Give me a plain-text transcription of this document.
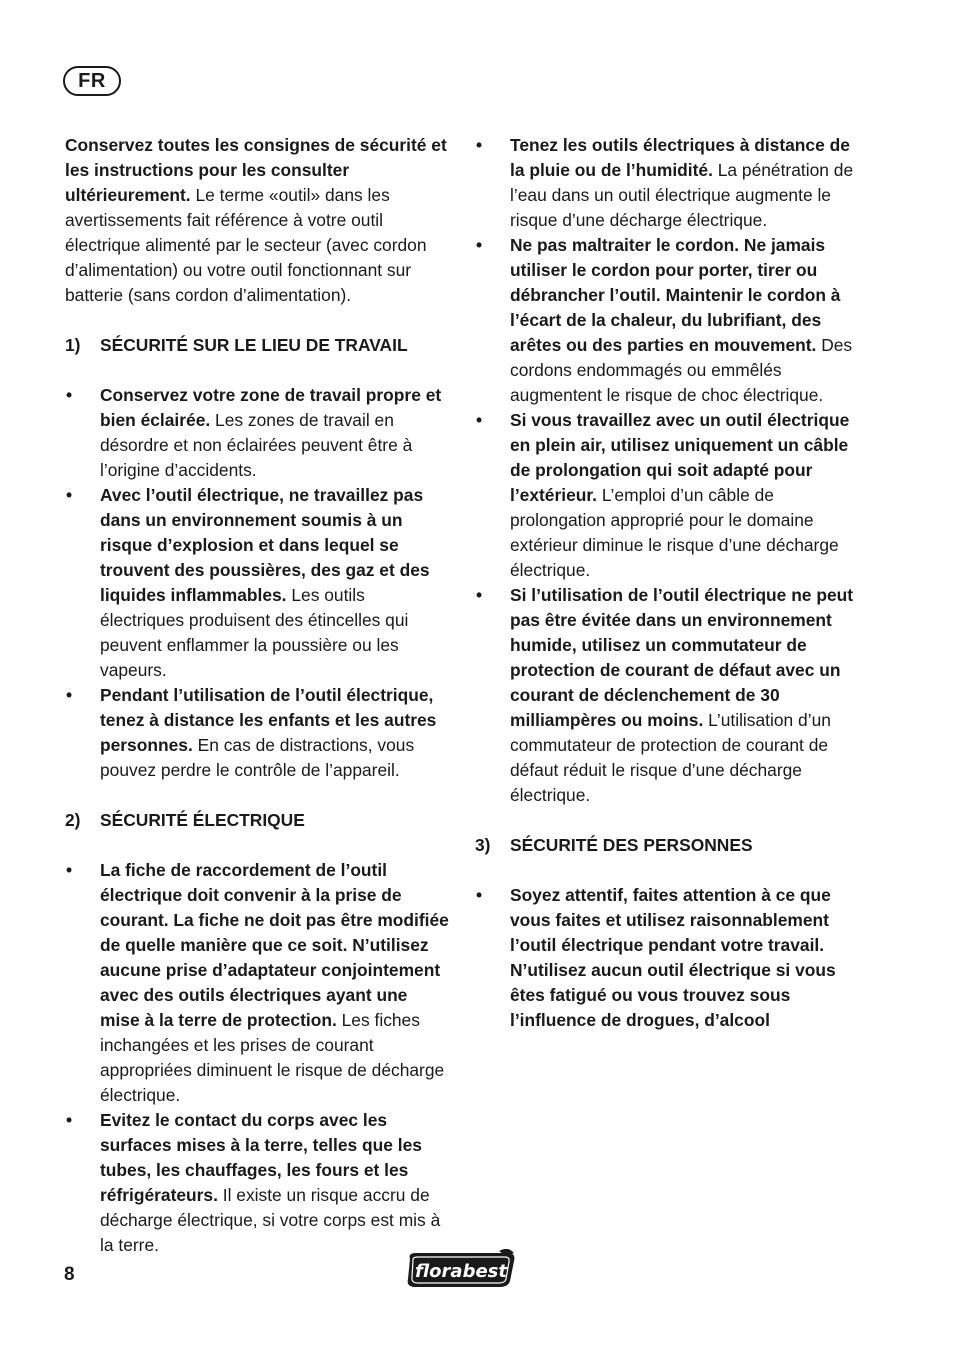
FR

Conservez toutes les consignes de sécurité et les instructions pour les consulter ultérieurement. Le terme «outil» dans les avertissements fait référence à votre outil électrique alimenté par le secteur (avec cordon d’alimentation) ou votre outil fonctionnant sur batterie (sans cordon d’alimentation).

1)	SÉCURITÉ SUR LE LIEU DE TRAVAIL

•	Conservez votre zone de travail propre et bien éclairée. Les zones de travail en désordre et non éclairées peuvent être à l’origine d’accidents.
•	Avec l’outil électrique, ne travaillez pas dans un environnement soumis à un risque d’explosion et dans lequel se trouvent des poussières, des gaz et des liquides inflammables. Les outils électriques produisent des étincelles qui peuvent enflammer la poussière ou les vapeurs.
•	Pendant l’utilisation de l’outil électrique, tenez à distance les enfants et les autres personnes. En cas de distractions, vous pouvez perdre le contrôle de l’appareil.

2)	SÉCURITÉ ÉLECTRIQUE

•	La fiche de raccordement de l’outil électrique doit convenir à la prise de courant. La fiche ne doit pas être modifiée de quelle manière que ce soit. N’utilisez aucune prise d’adaptateur conjointement avec des outils électriques ayant une mise à la terre de protection. Les fiches inchangées et les prises de courant appropriées diminuent le risque de décharge électrique.
•	Evitez le contact du corps avec les surfaces mises à la terre, telles que les tubes, les chauffages, les fours et les réfrigérateurs. Il existe un risque accru de décharge électrique, si votre corps est mis à la terre.
•	Tenez les outils électriques à distance de la pluie ou de l’humidité. La pénétration de l’eau dans un outil électrique augmente le risque d’une décharge électrique.
•	Ne pas maltraiter le cordon. Ne jamais utiliser le cordon pour porter, tirer ou débrancher l’outil. Maintenir le cordon à l’écart de la chaleur, du lubrifiant, des arêtes ou des parties en mouvement. Des cordons endommagés ou emmêlés augmentent le risque de choc électrique.
•	Si vous travaillez avec un outil électrique en plein air, utilisez uniquement un câble de prolongation qui soit adapté pour l’extérieur. L’emploi d’un câble de prolongation approprié pour le domaine extérieur diminue le risque d’une décharge électrique.
•	Si l’utilisation de l’outil électrique ne peut pas être évitée dans un environnement humide, utilisez un commutateur de protection de courant de défaut avec un courant de déclenchement de 30 milliampères ou moins. L’utilisation d’un commutateur de protection de courant de défaut réduit le risque d’une décharge électrique.

3)	SÉCURITÉ DES PERSONNES

•	Soyez attentif, faites attention à ce que vous faites et utilisez raisonnablement l’outil électrique pendant votre travail. N’utilisez aucun outil électrique si vous êtes fatigué ou vous trouvez sous l’influence de drogues, d’alcool
8	florabest
